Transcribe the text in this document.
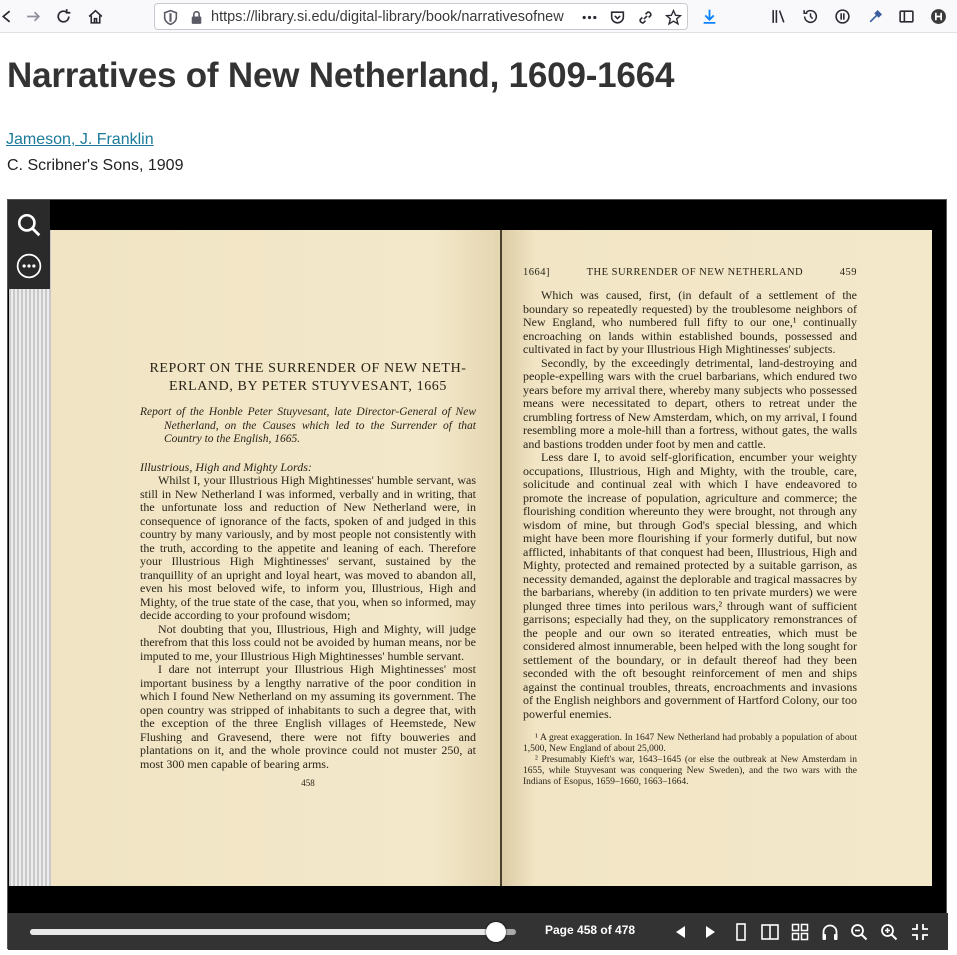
https://library.si.edu/digital-library/book/narrativesofnew
Narratives of New Netherland, 1609-1664
Jameson, J. Franklin
C. Scribner's Sons, 1909

REPORT ON THE SURRENDER OF NEW NETH-ERLAND, BY PETER STUYVESANT, 1665

Report of the Honble Peter Stuyvesant, late Director-General of New Netherland, on the Causes which led to the Surrender of that Country to the English, 1665.

Illustrious, High and Mighty Lords:

Whilst I, your Illustrious High Mightinesses' humble servant, was still in New Netherland I was informed, verbally and in writing, that the unfortunate loss and reduction of New Netherland were, in consequence of ignorance of the facts, spoken of and judged in this country by many variously, and by most people not consistently with the truth, according to the appetite and leaning of each. Therefore your Illustrious High Mightinesses' servant, sustained by the tranquillity of an upright and loyal heart, was moved to abandon all, even his most beloved wife, to inform you, Illustrious, High and Mighty, of the true state of the case, that you, when so informed, may decide according to your profound wisdom;

Not doubting that you, Illustrious, High and Mighty, will judge therefrom that this loss could not be avoided by human means, nor be imputed to me, your Illustrious High Mightinesses' humble servant.

I dare not interrupt your Illustrious High Mightinesses' most important business by a lengthy narrative of the poor condition in which I found New Netherland on my assuming its government. The open country was stripped of inhabitants to such a degree that, with the exception of the three English villages of Heemstede, New Flushing and Gravesend, there were not fifty bouweries and plantations on it, and the whole province could not muster 250, at most 300 men capable of bearing arms.

458

1664]	THE SURRENDER OF NEW NETHERLAND	459

Which was caused, first, (in default of a settlement of the boundary so repeatedly requested) by the troublesome neighbors of New England, who numbered full fifty to our one,¹ continually encroaching on lands within established bounds, possessed and cultivated in fact by your Illustrious High Mightinesses' subjects.

Secondly, by the exceedingly detrimental, land-destroying and people-expelling wars with the cruel barbarians, which endured two years before my arrival there, whereby many subjects who possessed means were necessitated to depart, others to retreat under the crumbling fortress of New Amsterdam, which, on my arrival, I found resembling more a mole-hill than a fortress, without gates, the walls and bastions trodden under foot by men and cattle.

Less dare I, to avoid self-glorification, encumber your weighty occupations, Illustrious, High and Mighty, with the trouble, care, solicitude and continual zeal with which I have endeavored to promote the increase of population, agriculture and commerce; the flourishing condition whereunto they were brought, not through any wisdom of mine, but through God's special blessing, and which might have been more flourishing if your formerly dutiful, but now afflicted, inhabitants of that conquest had been, Illustrious, High and Mighty, protected and remained protected by a suitable garrison, as necessity demanded, against the deplorable and tragical massacres by the barbarians, whereby (in addition to ten private murders) we were plunged three times into perilous wars,² through want of sufficient garrisons; especially had they, on the supplicatory remonstrances of the people and our own so iterated entreaties, which must be considered almost innumerable, been helped with the long sought for settlement of the boundary, or in default thereof had they been seconded with the oft besought reinforcement of men and ships against the continual troubles, threats, encroachments and invasions of the English neighbors and government of Hartford Colony, our too powerful enemies.

¹ A great exaggeration. In 1647 New Netherland had probably a population of about 1,500, New England of about 25,000.

² Presumably Kieft's war, 1643–1645 (or else the outbreak at New Amsterdam in 1655, while Stuyvesant was conquering New Sweden), and the two wars with the Indians of Esopus, 1659–1660, 1663–1664.

Page 458 of 478
